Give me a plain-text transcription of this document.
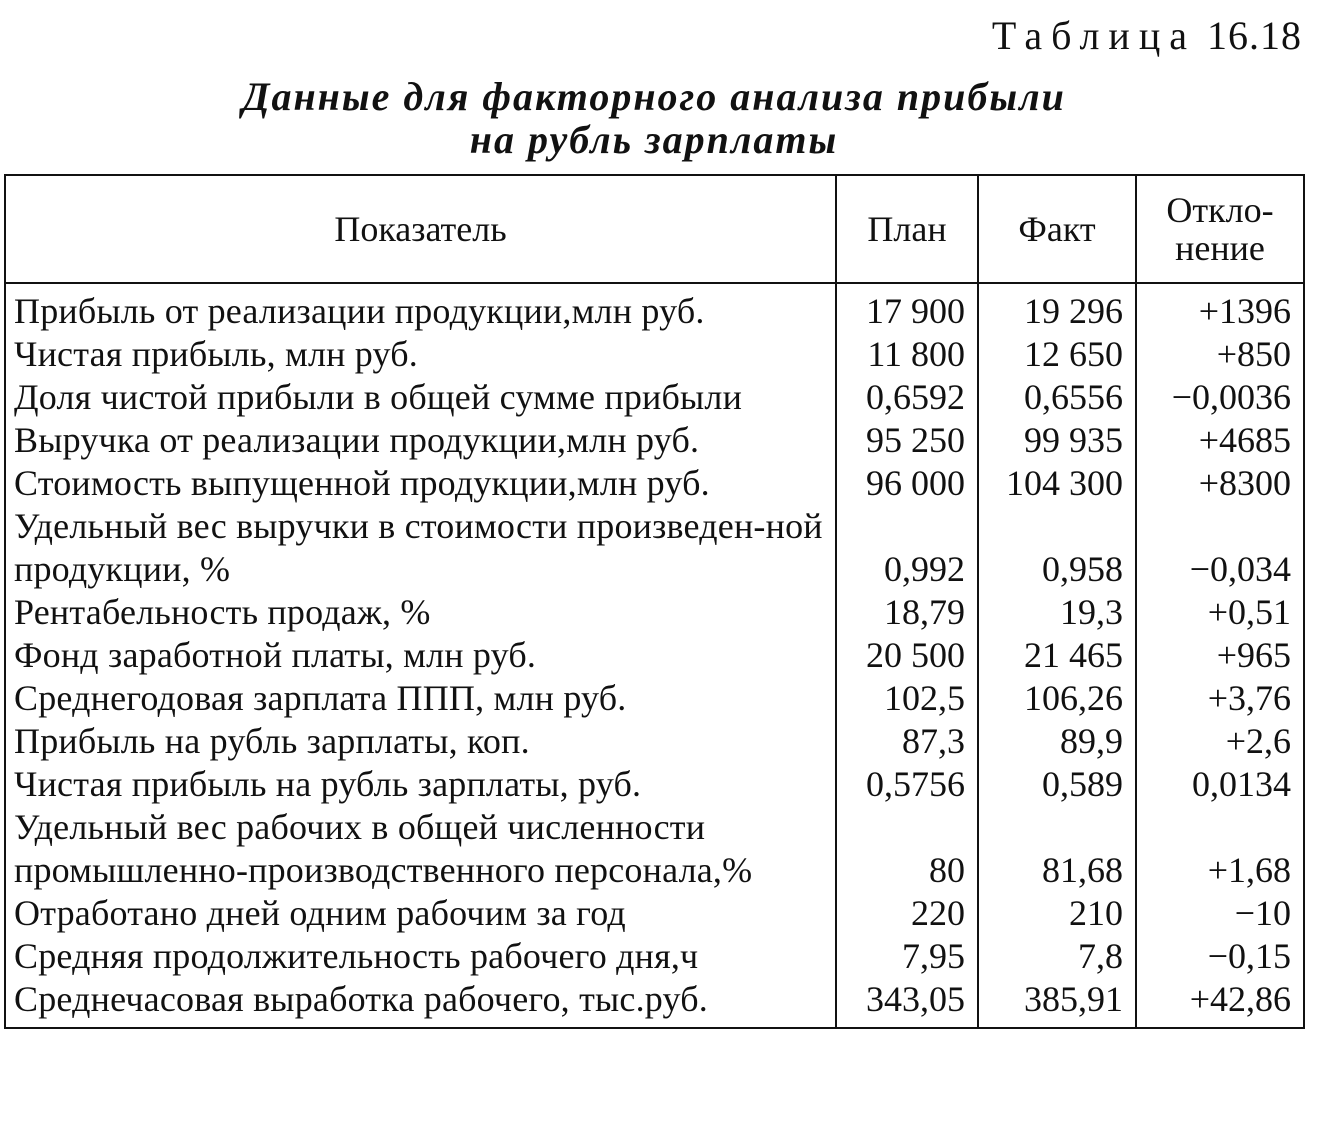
Таблица 16.18
Данные для факторного анализа прибыли
на рубль зарплаты
Показатель	План	Факт	Откло-
нение
Прибыль от реализации продукции,млн руб.	17 900	19 296	+1396
Чистая прибыль, млн руб.	11 800	12 650	+850
Доля чистой прибыли в общей сумме прибыли	0,6592	0,6556	−0,0036
Выручка от реализации продукции,млн руб.	95 250	99 935	+4685
Стоимость выпущенной продукции,млн руб.	96 000	104 300	+8300
Удельный вес выручки в стоимости произведен-ной продукции, %	0,992	0,958	−0,034
Рентабельность продаж, %	18,79	19,3	+0,51
Фонд заработной платы, млн руб.	20 500	21 465	+965
Среднегодовая зарплата ППП, млн руб.	102,5	106,26	+3,76
Прибыль на рубль зарплаты, коп.	87,3	89,9	+2,6
Чистая прибыль на рубль зарплаты, руб.	0,5756	0,589	0,0134
Удельный вес рабочих в общей численности промышленно-производственного персонала,%	80	81,68	+1,68
Отработано дней одним рабочим за год	220	210	−10
Средняя продолжительность рабочего дня,ч	7,95	7,8	−0,15
Среднечасовая выработка рабочего, тыс.руб.	343,05	385,91	+42,86
